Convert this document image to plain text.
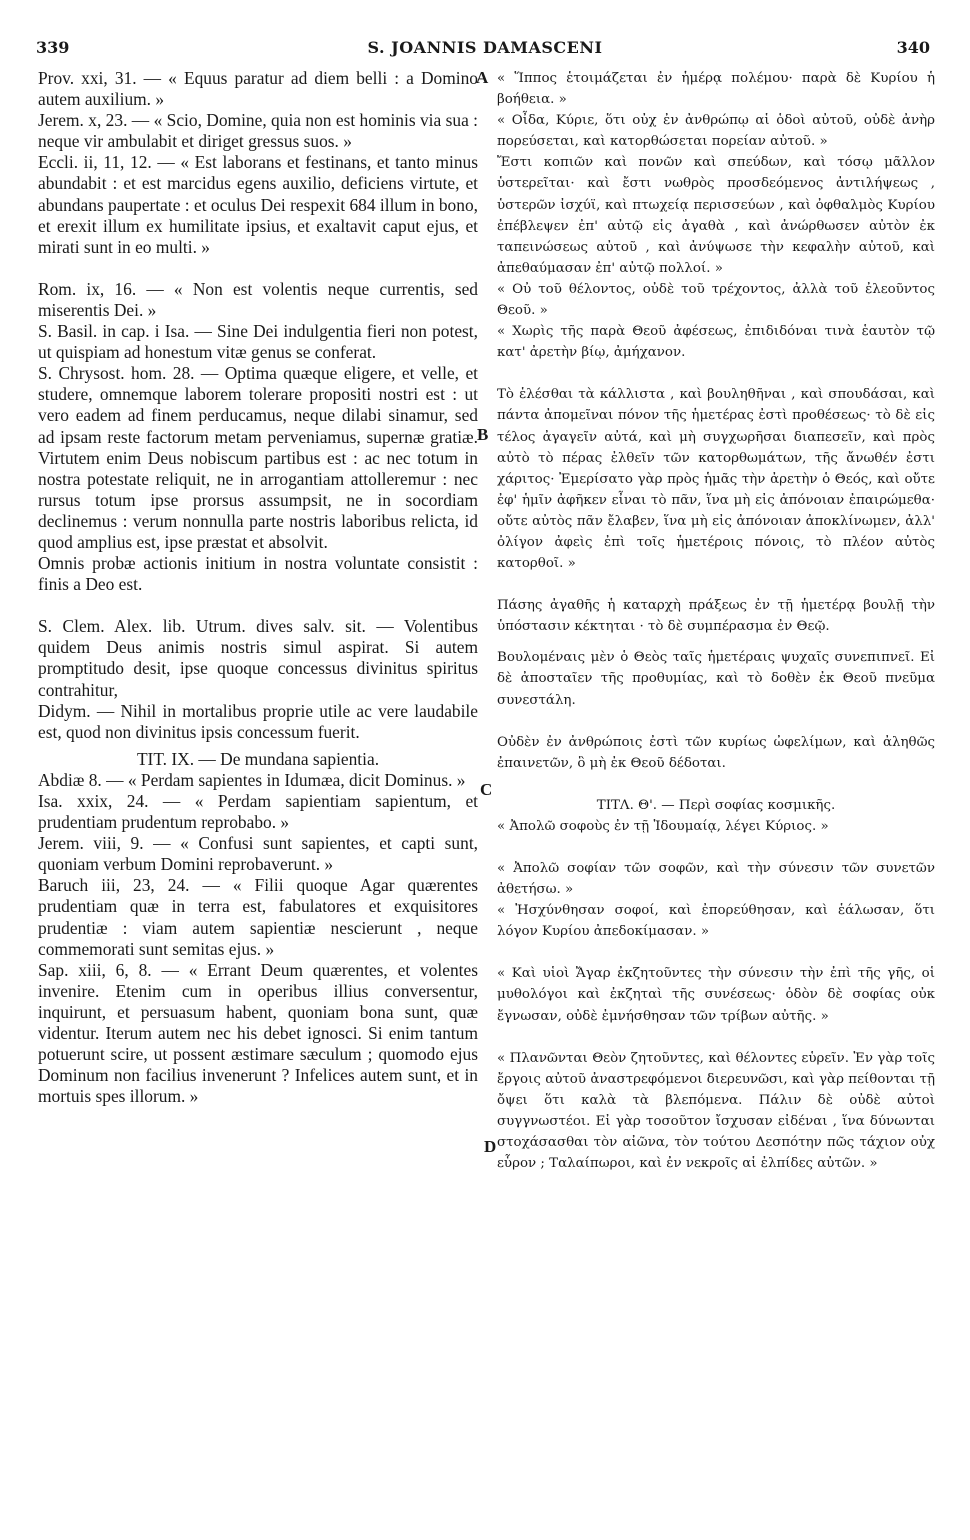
339	S. JOANNIS DAMASCENI	340
A
B
C
D
Prov. xxi, 31. — « Equus paratur ad diem belli : a Domino autem auxilium. »
Jerem. x, 23. — « Scio, Domine, quia non est hominis via sua : neque vir ambulabit et diriget gressus suos. »
Eccli. ii, 11, 12. — « Est laborans et festinans, et tanto minus abundabit : et est marcidus egens auxilio, deficiens virtute, et abundans paupertate : et oculus Dei respexit 684 illum in bono, et erexit illum ex humilitate ipsius, et exaltavit caput ejus, et mirati sunt in eo multi. »
Rom. ix, 16. — « Non est volentis neque currentis, sed miserentis Dei. »
S. Basil. in cap. i Isa. — Sine Dei indulgentia fieri non potest, ut quispiam ad honestum vitæ genus se conferat.
S. Chrysost. hom. 28. — Optima quæque eligere, et velle, et studere, omnemque laborem tolerare propositi nostri est : ut vero eadem ad finem perducamus, neque dilabi sinamur, sed ad ipsam reste factorum metam perveniamus, supernæ gratiæ. Virtutem enim Deus nobiscum partibus est : ac nec totum in nostra potestate reliquit, ne in arrogantiam attolleremur : nec rursus totum ipse prorsus assumpsit, ne in socordiam declinemus : verum nonnulla parte nostris laboribus relicta, id quod amplius est, ipse præstat et absolvit.
Omnis probæ actionis initium in nostra voluntate consistit : finis a Deo est.
S. Clem. Alex. lib. Utrum. dives salv. sit. — Volentibus quidem Deus animis nostris simul aspirat. Si autem promptitudo desit, ipse quoque concessus divinitus spiritus contrahitur,
Didym. — Nihil in mortalibus proprie utile ac vere laudabile est, quod non divinitus ipsis concessum fuerit.
TIT. IX. — De mundana sapientia.
Abdiæ 8. — « Perdam sapientes in Idumæa, dicit Dominus. »
Isa. xxix, 24. — « Perdam sapientiam sapientum, et prudentiam prudentum reprobabo. »
Jerem. viii, 9. — « Confusi sunt sapientes, et capti sunt, quoniam verbum Domini reprobaverunt. »
Baruch iii, 23, 24. — « Filii quoque Agar quærentes prudentiam quæ in terra est, fabulatores et exquisitores prudentiæ : viam autem sapientiæ nescierunt , neque commemorati sunt semitas ejus. »
Sap. xiii, 6, 8. — « Errant Deum quærentes, et volentes invenire. Etenim cum in operibus illius conversentur, inquirunt, et persuasum habent, quoniam bona sunt, quæ videntur. Iterum autem nec his debet ignosci. Si enim tantum potuerunt scire, ut possent æstimare sæculum ; quomodo ejus Dominum non facilius invenerunt ? Infelices autem sunt, et in mortuis spes illorum. »
« Ἵππος ἑτοιμάζεται ἐν ἡμέρᾳ πολέμου· παρὰ δὲ Κυρίου ἡ βοήθεια. »
« Οἶδα, Κύριε, ὅτι οὐχ ἐν ἀνθρώπῳ αἱ ὁδοὶ αὐτοῦ, οὐδὲ ἀνὴρ πορεύσεται, καὶ κατορθώσεται πορείαν αὐτοῦ. »
Ἔστι κοπιῶν καὶ πονῶν καὶ σπεύδων, καὶ τόσῳ μᾶλλον ὑστερεῖται· καὶ ἔστι νωθρὸς προσδεόμενος ἀντιλήψεως , ὑστερῶν ἰσχύϊ, καὶ πτωχείᾳ περισσεύων , καὶ ὀφθαλμὸς Κυρίου ἐπέβλεψεν ἐπ' αὐτῷ εἰς ἀγαθὰ , καὶ ἀνώρθωσεν αὐτὸν ἐκ ταπεινώσεως αὐτοῦ , καὶ ἀνύψωσε τὴν κεφαλὴν αὐτοῦ, καὶ ἀπεθαύμασαν ἐπ' αὐτῷ πολλοί. »
« Οὐ τοῦ θέλοντος, οὐδὲ τοῦ τρέχοντος, ἀλλὰ τοῦ ἐλεοῦντος Θεοῦ. »
« Χωρὶς τῆς παρὰ Θεοῦ ἀφέσεως, ἐπιδιδόναι τινὰ ἑαυτὸν τῷ κατ' ἀρετὴν βίῳ, ἀμήχανον.
Τὸ ἑλέσθαι τὰ κάλλιστα , καὶ βουληθῆναι , καὶ σπουδάσαι, καὶ πάντα ἀπομεῖναι πόνον τῆς ἡμετέρας ἐστὶ προθέσεως· τὸ δὲ εἰς τέλος ἀγαγεῖν αὐτά, καὶ μὴ συγχωρῆσαι διαπεσεῖν, καὶ πρὸς αὐτὸ τὸ πέρας ἐλθεῖν τῶν κατορθωμάτων, τῆς ἄνωθέν ἐστι χάριτος· Ἐμερίσατο γὰρ πρὸς ἡμᾶς τὴν ἀρετὴν ὁ Θεός, καὶ οὔτε ἐφ' ἡμῖν ἀφῆκεν εἶναι τὸ πᾶν, ἵνα μὴ εἰς ἀπόνοιαν ἐπαιρώμεθα· οὔτε αὐτὸς πᾶν ἔλαβεν, ἵνα μὴ εἰς ἀπόνοιαν ἀποκλίνωμεν, ἀλλ' ὀλίγον ἀφεὶς ἐπὶ τοῖς ἡμετέροις πόνοις, τὸ πλέον αὐτὸς κατορθοῖ. »
Πάσης ἀγαθῆς ἡ καταρχὴ πράξεως ἐν τῇ ἡμετέρᾳ βουλῇ τὴν ὑπόστασιν κέκτηται · τὸ δὲ συμπέρασμα ἐν Θεῷ.
Βουλομέναις μὲν ὁ Θεὸς ταῖς ἡμετέραις ψυχαῖς συνεπιπνεῖ. Εἰ δὲ ἀποσταῖεν τῆς προθυμίας, καὶ τὸ δοθὲν ἐκ Θεοῦ πνεῦμα συνεστάλη.
Οὐδὲν ἐν ἀνθρώποις ἐστὶ τῶν κυρίως ὠφελίμων, καὶ ἀληθῶς ἐπαινετῶν, ὃ μὴ ἐκ Θεοῦ δέδοται.
ΤΙΤΛ. Θ'. — Περὶ σοφίας κοσμικῆς.
« Ἀπολῶ σοφοὺς ἐν τῇ Ἰδουμαίᾳ, λέγει Κύριος. »
« Ἀπολῶ σοφίαν τῶν σοφῶν, καὶ τὴν σύνεσιν τῶν συνετῶν ἀθετήσω. »
« Ἠσχύνθησαν σοφοί, καὶ ἐπορεύθησαν, καὶ ἑάλωσαν, ὅτι λόγον Κυρίου ἀπεδοκίμασαν. »
« Καὶ υἱοὶ Ἄγαρ ἐκζητοῦντες τὴν σύνεσιν τὴν ἐπὶ τῆς γῆς, οἱ μυθολόγοι καὶ ἐκζηταὶ τῆς συνέσεως· ὁδὸν δὲ σοφίας οὐκ ἔγνωσαν, οὐδὲ ἐμνήσθησαν τῶν τρίβων αὐτῆς. »
« Πλανῶνται Θεὸν ζητοῦντες, καὶ θέλοντες εὑρεῖν. Ἐν γὰρ τοῖς ἔργοις αὐτοῦ ἀναστρεφόμενοι διερευνῶσι, καὶ γὰρ πείθονται τῇ ὄψει ὅτι καλὰ τὰ βλεπόμενα. Πάλιν δὲ οὐδὲ αὐτοὶ συγγνωστέοι. Εἰ γὰρ τοσοῦτον ἴσχυσαν εἰδέναι , ἵνα δύνωνται στοχάσασθαι τὸν αἰῶνα, τὸν τούτου Δεσπότην πῶς τάχιον οὐχ εὗρον ; Ταλαίπωροι, καὶ ἐν νεκροῖς αἱ ἐλπίδες αὐτῶν. »
